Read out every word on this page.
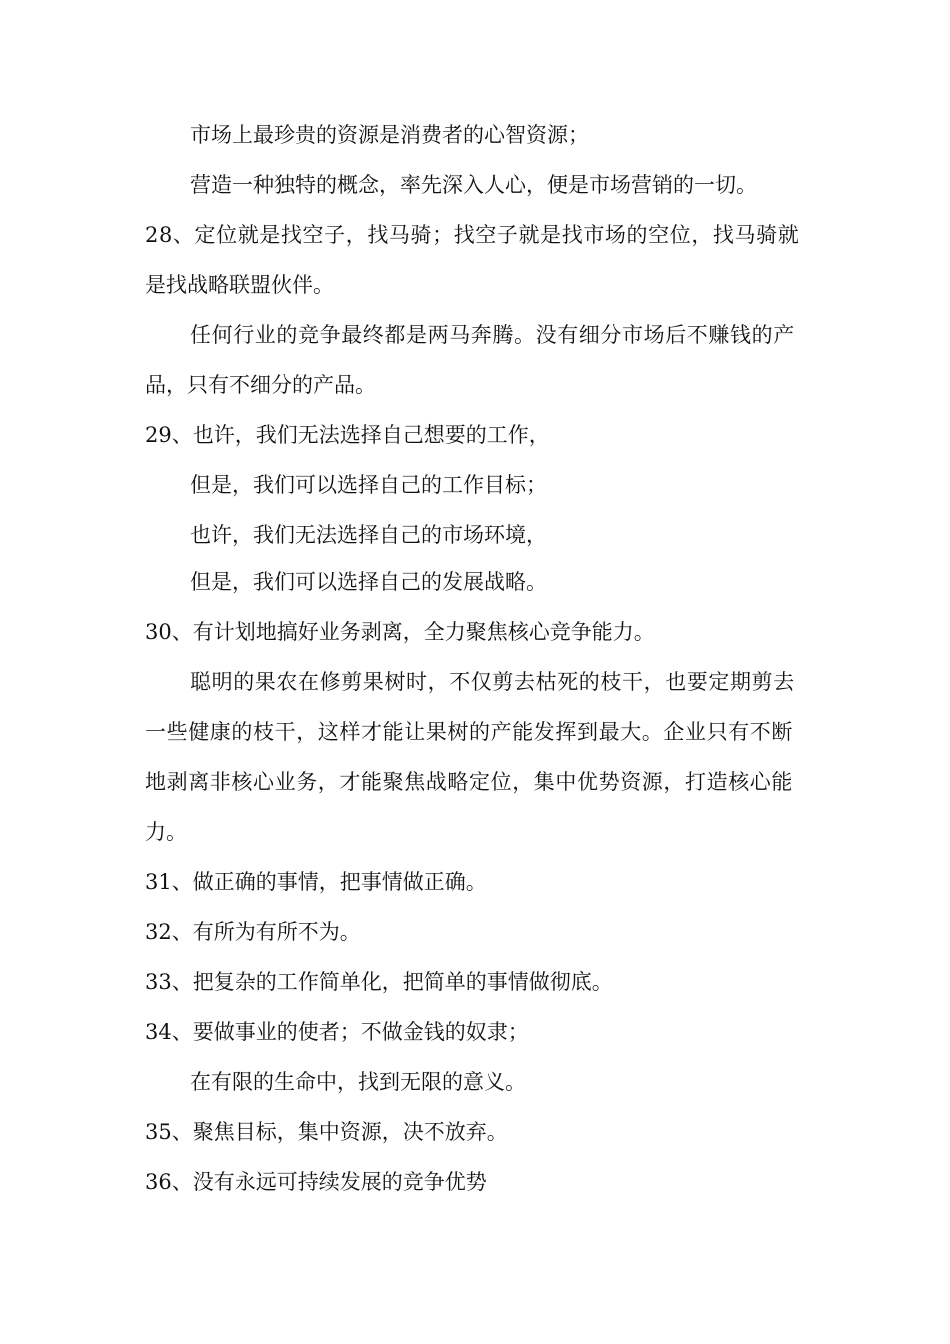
市场上最珍贵的资源是消费者的心智资源；
营造一种独特的概念，率先深入人心，便是市场营销的一切。
28、定位就是找空子，找马骑；找空子就是找市场的空位，找马骑就
是找战略联盟伙伴。
任何行业的竞争最终都是两马奔腾。没有细分市场后不赚钱的产
品，只有不细分的产品。
29、也许，我们无法选择自己想要的工作，
但是，我们可以选择自己的工作目标；
也许，我们无法选择自己的市场环境，
但是，我们可以选择自己的发展战略。
30、有计划地搞好业务剥离，全力聚焦核心竞争能力。
聪明的果农在修剪果树时，不仅剪去枯死的枝干，也要定期剪去
一些健康的枝干，这样才能让果树的产能发挥到最大。企业只有不断
地剥离非核心业务，才能聚焦战略定位，集中优势资源，打造核心能
力。
31、做正确的事情，把事情做正确。
32、有所为有所不为。
33、把复杂的工作简单化，把简单的事情做彻底。
34、要做事业的使者；不做金钱的奴隶；
在有限的生命中，找到无限的意义。
35、聚焦目标，集中资源，决不放弃。
36、没有永远可持续发展的竞争优势
